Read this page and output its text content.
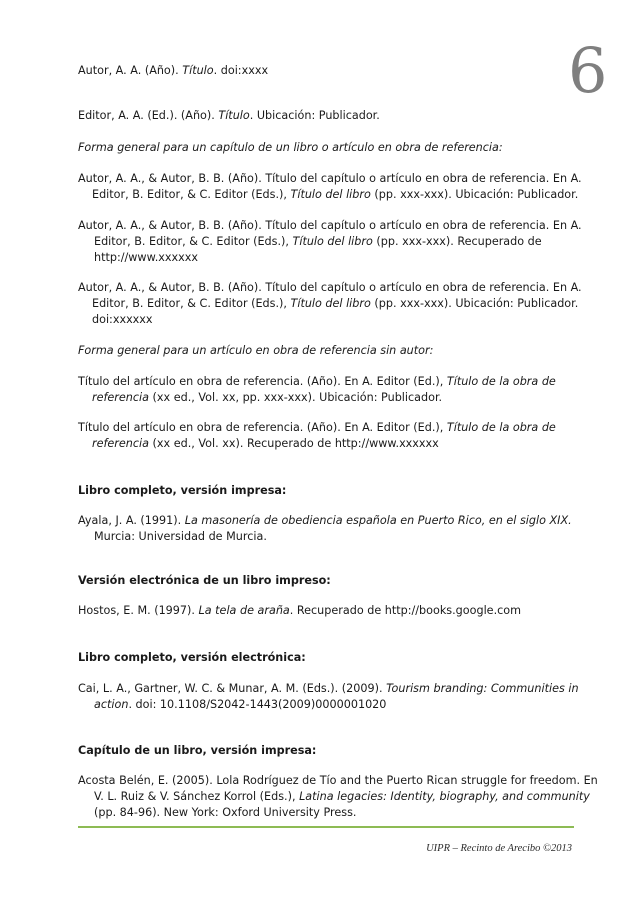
6
Autor, A. A. (Año). Título. doi:xxxx
Editor, A. A. (Ed.). (Año). Título. Ubicación: Publicador.
Forma general para un capítulo de un libro o artículo en obra de referencia:
Autor, A. A., & Autor, B. B. (Año). Título del capítulo o artículo en obra de referencia. En A.
Editor, B. Editor, & C. Editor (Eds.), Título del libro (pp. xxx-xxx). Ubicación: Publicador.
Autor, A. A., & Autor, B. B. (Año). Título del capítulo o artículo en obra de referencia. En A.
Editor, B. Editor, & C. Editor (Eds.), Título del libro (pp. xxx-xxx). Recuperado de
http://www.xxxxxx
Autor, A. A., & Autor, B. B. (Año). Título del capítulo o artículo en obra de referencia. En A.
Editor, B. Editor, & C. Editor (Eds.), Título del libro (pp. xxx-xxx). Ubicación: Publicador.
doi:xxxxxx
Forma general para un artículo en obra de referencia sin autor:
Título del artículo en obra de referencia. (Año). En A. Editor (Ed.), Título de la obra de
referencia (xx ed., Vol. xx, pp. xxx-xxx). Ubicación: Publicador.
Título del artículo en obra de referencia. (Año). En A. Editor (Ed.), Título de la obra de
referencia (xx ed., Vol. xx). Recuperado de http://www.xxxxxx
Libro completo, versión impresa:
Ayala, J. A. (1991). La masonería de obediencia española en Puerto Rico, en el siglo XIX.
Murcia: Universidad de Murcia.
Versión electrónica de un libro impreso:
Hostos, E. M. (1997). La tela de araña. Recuperado de http://books.google.com
Libro completo, versión electrónica:
Cai, L. A., Gartner, W. C. & Munar, A. M. (Eds.). (2009). Tourism branding: Communities in
action. doi: 10.1108/S2042-1443(2009)0000001020
Capítulo de un libro, versión impresa:
Acosta Belén, E. (2005). Lola Rodríguez de Tío and the Puerto Rican struggle for freedom. En
V. L. Ruiz & V. Sánchez Korrol (Eds.), Latina legacies: Identity, biography, and community
(pp. 84-96). New York: Oxford University Press.
UIPR – Recinto de Arecibo ©2013
